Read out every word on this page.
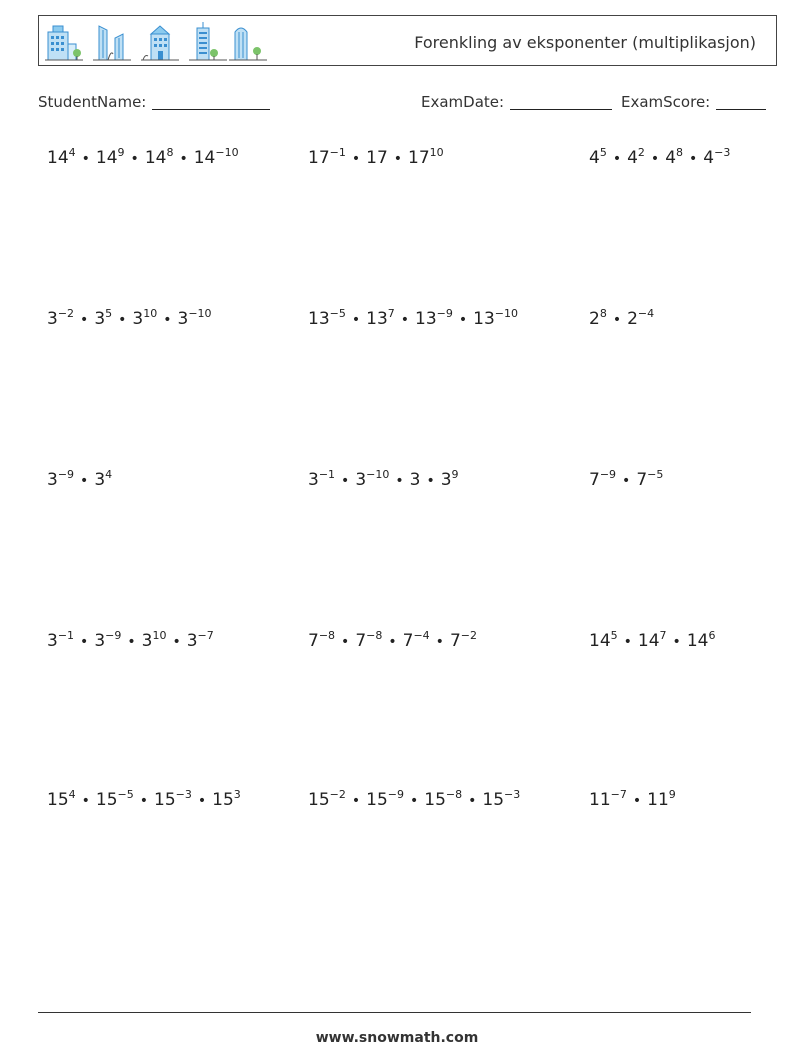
Forenkling av eksponenter (multiplikasjon)
StudentName:	ExamDate:	ExamScore:
$14^4$ • $14^9$ • $14^8$ • $14^{-10}$	$17^{-1}$ • 17 • $17^{10}$	$4^5$ • $4^2$ • $4^8$ • $4^{-3}$
$3^{-2}$ • $3^5$ • $3^{10}$ • $3^{-10}$	$13^{-5}$ • $13^7$ • $13^{-9}$ • $13^{-10}$	$2^8$ • $2^{-4}$
$3^{-9}$ • $3^4$	$3^{-1}$ • $3^{-10}$ • 3 • $3^9$	$7^{-9}$ • $7^{-5}$
$3^{-1}$ • $3^{-9}$ • $3^{10}$ • $3^{-7}$	$7^{-8}$ • $7^{-8}$ • $7^{-4}$ • $7^{-2}$	$14^5$ • $14^7$ • $14^6$
$15^4$ • $15^{-5}$ • $15^{-3}$ • $15^3$	$15^{-2}$ • $15^{-9}$ • $15^{-8}$ • $15^{-3}$	$11^{-7}$ • $11^9$
www.snowmath.com
